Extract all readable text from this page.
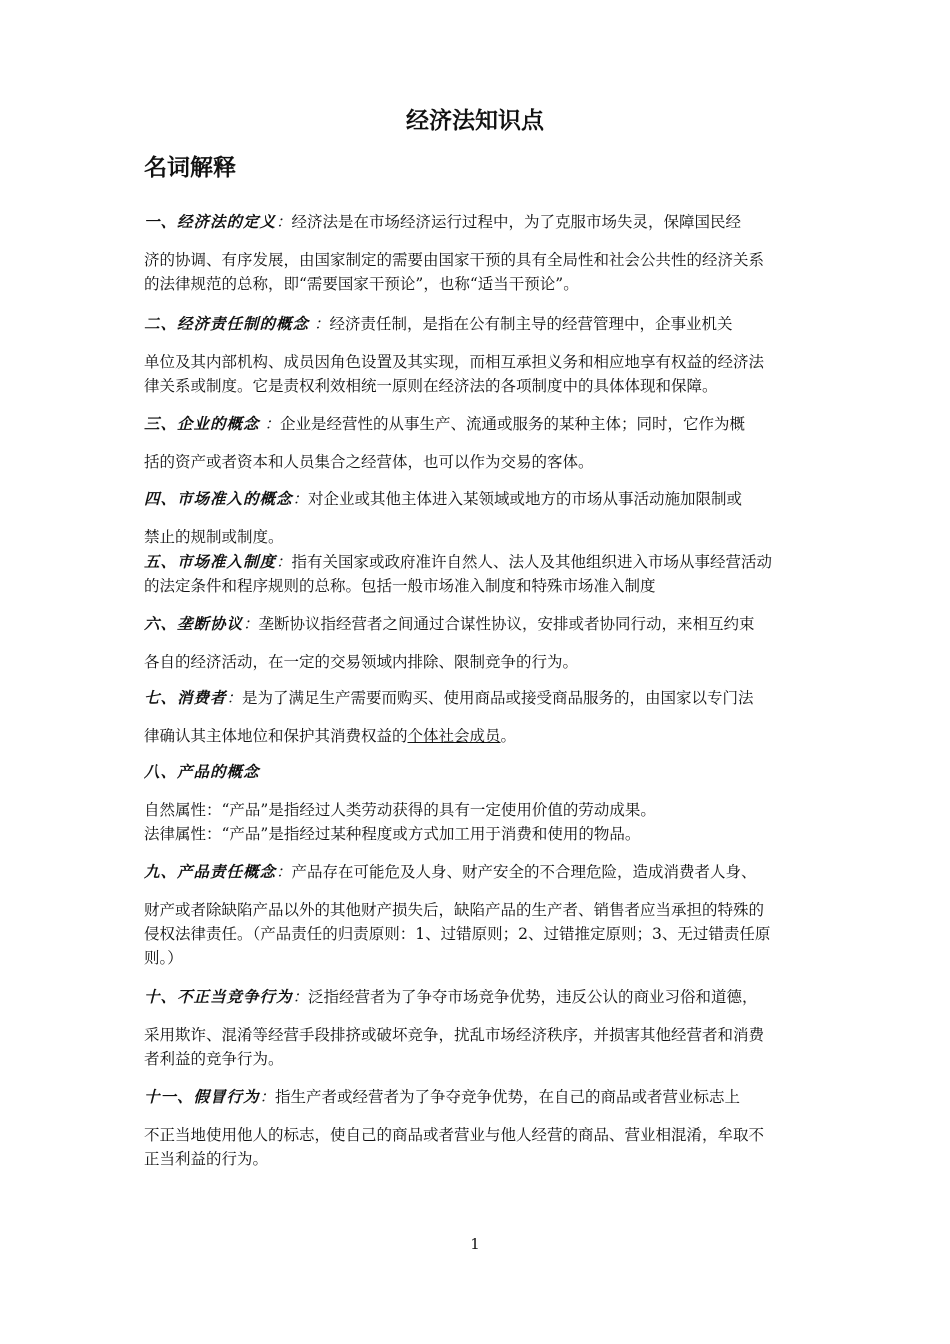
经济法知识点
名词解释
一、经济法的定义：经济法是在市场经济运行过程中，为了克服市场失灵，保障国民经
济的协调、有序发展，由国家制定的需要由国家干预的具有全局性和社会公共性的经济关系
的法律规范的总称，即“需要国家干预论”，也称“适当干预论”。
二、经济责任制的概念 ：经济责任制，是指在公有制主导的经营管理中，企事业机关
单位及其内部机构、成员因角色设置及其实现，而相互承担义务和相应地享有权益的经济法
律关系或制度。它是责权利效相统一原则在经济法的各项制度中的具体体现和保障。
三、企业的概念 ：企业是经营性的从事生产、流通或服务的某种主体；同时，它作为概
括的资产或者资本和人员集合之经营体，也可以作为交易的客体。
四、市场准入的概念：对企业或其他主体进入某领域或地方的市场从事活动施加限制或
禁止的规制或制度。
五、市场准入制度：指有关国家或政府准许自然人、法人及其他组织进入市场从事经营活动
的法定条件和程序规则的总称。包括一般市场准入制度和特殊市场准入制度
六、垄断协议：垄断协议指经营者之间通过合谋性协议，安排或者协同行动，来相互约束
各自的经济活动，在一定的交易领域内排除、限制竞争的行为。
七、消费者：是为了满足生产需要而购买、使用商品或接受商品服务的，由国家以专门法
律确认其主体地位和保护其消费权益的个体社会成员。
八、产品的概念
自然属性：“产品”是指经过人类劳动获得的具有一定使用价值的劳动成果。
法律属性：“产品”是指经过某种程度或方式加工用于消费和使用的物品。
九、产品责任概念：产品存在可能危及人身、财产安全的不合理危险，造成消费者人身、
财产或者除缺陷产品以外的其他财产损失后，缺陷产品的生产者、销售者应当承担的特殊的
侵权法律责任。（产品责任的归责原则：1、过错原则；2、过错推定原则；3、无过错责任原
则。）
十、不正当竞争行为：泛指经营者为了争夺市场竞争优势，违反公认的商业习俗和道德，
采用欺诈、混淆等经营手段排挤或破坏竞争，扰乱市场经济秩序，并损害其他经营者和消费
者利益的竞争行为。
十一、假冒行为：指生产者或经营者为了争夺竞争优势，在自己的商品或者营业标志上
不正当地使用他人的标志，使自己的商品或者营业与他人经营的商品、营业相混淆，牟取不
正当利益的行为。
1
